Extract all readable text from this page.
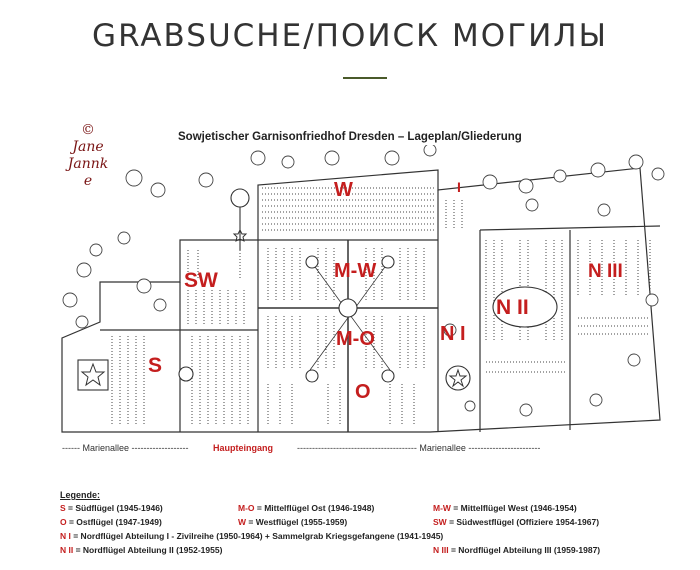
GRABSUCHE/ПОИСК МОГИЛЫ
©
Jane
Jannk
e
Sowjetischer Garnisonfriedhof Dresden – Lageplan/Gliederung
W
SW
S
M-W
M-O
O
I
N I
N II
N III
------ Marienallee -------------------	Haupteingang	---------------------------------------- Marienallee ------------------------
Legende:
S = Südflügel (1945-1946)	M-O = Mittelflügel Ost (1946-1948)	M-W = Mittelflügel West (1946-1954)
O = Ostflügel (1947-1949)	W = Westflügel (1955-1959)	SW = Südwestflügel (Offiziere 1954-1967)
N I = Nordflügel Abteilung I - Zivilreihe (1950-1964) + Sammelgrab Kriegsgefangene (1941-1945)
N II = Nordflügel Abteilung II (1952-1955)	N III = Nordflügel Abteilung III (1959-1987)
